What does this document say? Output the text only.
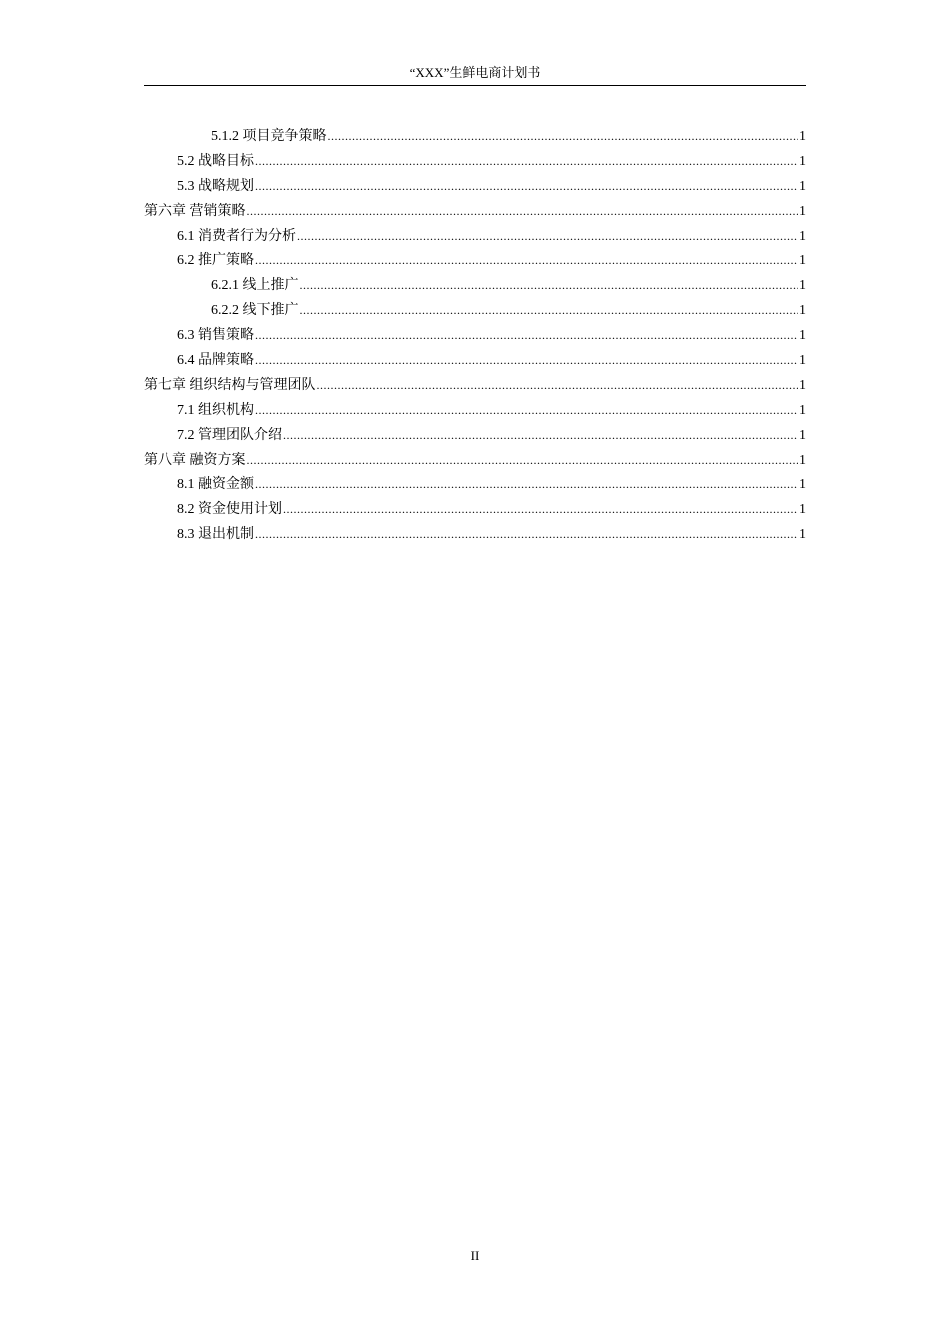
“XXX”生鲜电商计划书
5.1.2 项目竞争策略 .....	1
5.2 战略目标 .....	1
5.3 战略规划 .....	1
第六章 营销策略 .....	1
6.1 消费者行为分析 .....	1
6.2 推广策略 .....	1
6.2.1 线上推广 .....	1
6.2.2 线下推广 .....	1
6.3 销售策略 .....	1
6.4 品牌策略 .....	1
第七章 组织结构与管理团队 .....	1
7.1 组织机构 .....	1
7.2 管理团队介绍 .....	1
第八章 融资方案 .....	1
8.1 融资金额 .....	1
8.2 资金使用计划 .....	1
8.3 退出机制 .....	1
II
